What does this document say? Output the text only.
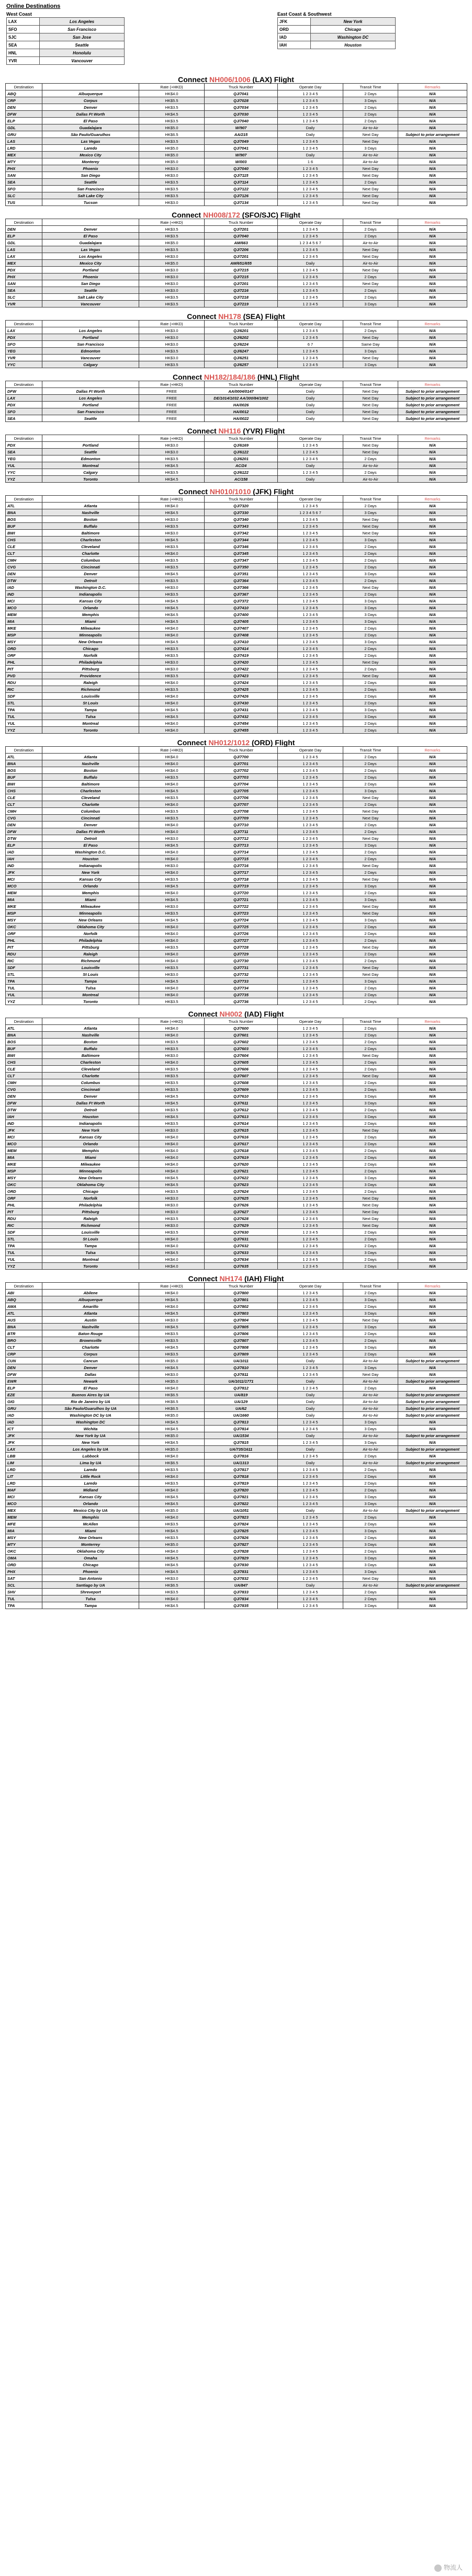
Online Destinations
West Coast
LAX	Los Angeles
SFO	San Francisco
SJC	San Jose
SEA	Seattle
HNL	Honolulu
YVR	Vancouver
East Coast & Southwest
JFK	New York
ORD	Chicago
IAD	Washington DC
IAH	Houston
Connect NH006/1006 (LAX) Flight
Destination		Rate (+HKD)	Truck Number	Operate Day	Transit Time	Remarks
ABQ	Albuquerque	HK$4.0	QJ/7041	1 2 3 4 5	2 Days	N/A
CRP	Corpus	HK$5.5	QJ/7028	1 2 3 4 5	3 Days	N/A
DEN	Denver	HK$3.5	QJ/7034	1 2 3 4 5	2 Days	N/A
DFW	Dallas Ft Worth	HK$4.5	QJ/7030	1 2 3 4 5	2 Days	N/A
ELP	El Paso	HK$3.5	QJ/7040	1 2 3 4 5	2 Days	N/A
GDL	Guadalajara	HK$5.0	W/907	Daily	Air-to-Air	N/A
GRU	São Paulo/Guarulhos	HK$6.5	AA/215	Daily	Next Day	Subject to prior arrangement
LAS	Las Vegas	HK$3.5	QJ/7049	1 2 3 4 5	Next Day	N/A
LRD	Laredo	HK$5.0	QJ/7041	1 2 3 4 5	3 Days	N/A
MEX	Mexico City	HK$5.0	W/907	Daily	Air-to-Air	N/A
MTY	Monterey	HK$5.0	W/003	1 6	Air-to-Air	N/A
PHX	Phoenix	HK$3.0	QJ/7040	1 2 3 4 5	Next Day	N/A
SAN	San Diego	HK$3.0	QJ/7115	1 2 3 4 5	Next Day	N/A
SEA	Seattle	HK$3.5	QJ/7114	1 2 3 4 5	2 Days	N/A
SFO	San Francisco	HK$3.5	QJ/7122	1 2 3 4 5	Next Day	N/A
SLC	Salt Lake City	HK$3.5	QJ/7126	1 2 3 4 5	Next Day	N/A
TUS	Tucson	HK$3.0	QJ/7134	1 2 3 4 5	Next Day	N/A
Connect NH008/172 (SFO/SJC) Flight
Destination		Rate (+HKD)	Truck Number	Operate Day	Transit Time	Remarks
DEN	Denver	HK$3.5	QJ/7201	1 2 3 4 5	2 Days	N/A
ELP	El Paso	HK$3.5	QJ/7040	1 2 3 4 5	2 Days	N/A
GDL	Guadalajara	HK$5.0	AM/663	1 2 3 4 5 6 7	Air-to-Air	N/A
LAS	Las Vegas	HK$3.5	QJ/7206	1 2 3 4 5	Next Day	N/A
LAX	Los Angeles	HK$3.0	QJ/7201	1 2 3 4 5	Next Day	N/A
MEX	Mexico City	HK$5.0	AM/651/655	Daily	Air-to-Air	N/A
PDX	Portland	HK$3.0	QJ/7215	1 2 3 4 5	Next Day	N/A
PHX	Phoenix	HK$3.0	QJ/7215	1 2 3 4 5	2 Days	N/A
SAN	San Diego	HK$3.0	QJ/7201	1 2 3 4 5	Next Day	N/A
SEA	Seattle	HK$3.0	QJ/7216	1 2 3 4 5	2 Days	N/A
SLC	Salt Lake City	HK$3.5	QJ/7218	1 2 3 4 5	2 Days	N/A
YVR	Vancouver	HK$3.5	QJ/7219	1 2 3 4 5	3 Days	N/A
Connect NH178 (SEA) Flight
Destination		Rate (+HKD)	Truck Number	Operate Day	Transit Time	Remarks
LAX	Los Angeles	HK$3.0	QJ/6201	1 2 3 4 5	2 Days	N/A
PDX	Portland	HK$3.0	QJ/6202	1 2 3 4 5	Next Day	N/A
SFO	San Francisco	HK$3.0	QJ/6224	6 7	Same Day	N/A
YEG	Edmonton	HK$3.5	QJ/6247	1 2 3 4 5	3 Days	N/A
YVR	Vancouver	HK$3.0	QJ/6251	1 2 3 4 5	Next Day	N/A
YYC	Calgary	HK$3.5	QJ/6257	1 2 3 4 5	3 Days	N/A
Connect NH182/184/186 (HNL) Flight
Destination		Rate (+HKD)	Truck Number	Operate Day	Transit Time	Remarks
DFW	Dallas Ft Worth	FREE	AA/0004/0147	Daily	Next Day	Subject to prior arrangement
LAX	Los Angeles	FREE	DE/1014/1032 AA/300/84/1002	Daily	Next Day	Subject to prior arrangement
PDX	Portland	FREE	HA/0026	Daily	Next Day	Subject to prior arrangement
SFO	San Francisco	FREE	HA/0012	Daily	Next Day	Subject to prior arrangement
SEA	Seattle	FREE	HA/0022	Daily	Next Day	Subject to prior arrangement
Connect NH116 (YVR) Flight
Destination		Rate (+HKD)	Truck Number	Operate Day	Transit Time	Remarks
PDX	Portland	HK$3.0	QJ/6169	1 2 3 4 5	Next Day	N/A
SEA	Seattle	HK$3.0	QJ/6122	1 2 3 4 5	Next Day	N/A
YEG	Edmonton	HK$3.5	QJ/6201	1 2 3 4 5	2 Days	N/A
YUL	Montreal	HK$4.5	AC/24	Daily	Air-to-Air	N/A
YYC	Calgary	HK$3.5	QJ/6122	1 2 3 4 5	2 Days	N/A
YYZ	Toronto	HK$4.5	AC/158	Daily	Air-to-Air	N/A
Connect NH010/1010 (JFK) Flight
Destination		Rate (+HKD)	Truck Number	Operate Day	Transit Time	Remarks
ATL	Atlanta	HK$4.0	QJ/7320	1 2 3 4 5	2 Days	N/A
BNA	Nashville	HK$4.5	QJ/7330	1 2 3 4 5 6 7	3 Days	N/A
BOS	Boston	HK$3.0	QJ/7340	1 2 3 4 5	Next Day	N/A
BUF	Buffalo	HK$3.5	QJ/7343	1 2 3 4 5	Next Day	N/A
BWI	Baltimore	HK$3.0	QJ/7342	1 2 3 4 5	Next Day	N/A
CHS	Charleston	HK$4.5	QJ/7344	1 2 3 4 5	3 Days	N/A
CLE	Cleveland	HK$3.5	QJ/7346	1 2 3 4 5	2 Days	N/A
CLT	Charlotte	HK$4.0	QJ/7345	1 2 3 4 5	2 Days	N/A
CMH	Columbus	HK$3.5	QJ/7347	1 2 3 4 5	2 Days	N/A
CVG	Cincinnati	HK$3.5	QJ/7350	1 2 3 4 5	2 Days	N/A
DEN	Denver	HK$4.5	QJ/7351	1 2 3 4 5	3 Days	N/A
DTW	Detroit	HK$3.5	QJ/7364	1 2 3 4 5	2 Days	N/A
IAD	Washington D.C.	HK$3.0	QJ/7366	1 2 3 4 5	Next Day	N/A
IND	Indianapolis	HK$3.5	QJ/7367	1 2 3 4 5	2 Days	N/A
MCI	Kansas City	HK$4.5	QJ/7372	1 2 3 4 5	3 Days	N/A
MCO	Orlando	HK$4.5	QJ/7410	1 2 3 4 5	3 Days	N/A
MEM	Memphis	HK$4.5	QJ/7400	1 2 3 4 5	3 Days	N/A
MIA	Miami	HK$4.5	QJ/7405	1 2 3 4 5	3 Days	N/A
MKE	Milwaukee	HK$4.0	QJ/7407	1 2 3 4 5	2 Days	N/A
MSP	Minneapolis	HK$4.0	QJ/7408	1 2 3 4 5	2 Days	N/A
MSY	New Orleans	HK$4.5	QJ/7410	1 2 3 4 5	3 Days	N/A
ORD	Chicago	HK$3.5	QJ/7414	1 2 3 4 5	2 Days	N/A
ORF	Norfolk	HK$3.5	QJ/7419	1 2 3 4 5	2 Days	N/A
PHL	Philadelphia	HK$3.0	QJ/7420	1 2 3 4 5	Next Day	N/A
PIT	Pittsburg	HK$3.0	QJ/7422	1 2 3 4 5	2 Days	N/A
PVD	Providence	HK$3.5	QJ/7423	1 2 3 4 5	Next Day	N/A
RDU	Raleigh	HK$4.0	QJ/7424	1 2 3 4 5	2 Days	N/A
RIC	Richmond	HK$3.5	QJ/7425	1 2 3 4 5	2 Days	N/A
SDF	Louisville	HK$4.0	QJ/7426	1 2 3 4 5	2 Days	N/A
STL	St Louis	HK$4.0	QJ/7430	1 2 3 4 5	2 Days	N/A
TPA	Tampa	HK$4.5	QJ/7431	1 2 3 4 5	3 Days	N/A
TUL	Tulsa	HK$4.5	QJ/7432	1 2 3 4 5	3 Days	N/A
YUL	Montreal	HK$4.0	QJ/7454	1 2 3 4 5	2 Days	N/A
YYZ	Toronto	HK$4.0	QJ/7455	1 2 3 4 5	2 Days	N/A
Connect NH012/1012 (ORD) Flight
Destination		Rate (+HKD)	Truck Number	Operate Day	Transit Time	Remarks
ATL	Atlanta	HK$4.0	QJ/7700	1 2 3 4 5	2 Days	N/A
BNA	Nashville	HK$4.0	QJ/7701	1 2 3 4 5	2 Days	N/A
BOS	Boston	HK$4.0	QJ/7702	1 2 3 4 5	2 Days	N/A
BUF	Buffalo	HK$3.5	QJ/7703	1 2 3 4 5	2 Days	N/A
BWI	Baltimore	HK$4.0	QJ/7704	1 2 3 4 5	2 Days	N/A
CHS	Charleston	HK$4.5	QJ/7705	1 2 3 4 5	3 Days	N/A
CLE	Cleveland	HK$3.5	QJ/7706	1 2 3 4 5	Next Day	N/A
CLT	Charlotte	HK$4.0	QJ/7707	1 2 3 4 5	2 Days	N/A
CMH	Columbus	HK$3.5	QJ/7708	1 2 3 4 5	Next Day	N/A
CVG	Cincinnati	HK$3.5	QJ/7709	1 2 3 4 5	Next Day	N/A
DEN	Denver	HK$4.0	QJ/7710	1 2 3 4 5	2 Days	N/A
DFW	Dallas Ft Worth	HK$4.0	QJ/7711	1 2 3 4 5	2 Days	N/A
DTW	Detroit	HK$3.0	QJ/7712	1 2 3 4 5	Next Day	N/A
ELP	El Paso	HK$4.5	QJ/7713	1 2 3 4 5	3 Days	N/A
IAD	Washington D.C.	HK$4.0	QJ/7714	1 2 3 4 5	2 Days	N/A
IAH	Houston	HK$4.0	QJ/7715	1 2 3 4 5	2 Days	N/A
IND	Indianapolis	HK$3.0	QJ/7716	1 2 3 4 5	Next Day	N/A
JFK	New York	HK$4.0	QJ/7717	1 2 3 4 5	2 Days	N/A
MCI	Kansas City	HK$3.5	QJ/7718	1 2 3 4 5	Next Day	N/A
MCO	Orlando	HK$4.5	QJ/7719	1 2 3 4 5	3 Days	N/A
MEM	Memphis	HK$4.0	QJ/7720	1 2 3 4 5	2 Days	N/A
MIA	Miami	HK$4.5	QJ/7721	1 2 3 4 5	3 Days	N/A
MKE	Milwaukee	HK$3.0	QJ/7722	1 2 3 4 5	Next Day	N/A
MSP	Minneapolis	HK$3.5	QJ/7723	1 2 3 4 5	Next Day	N/A
MSY	New Orleans	HK$4.5	QJ/7724	1 2 3 4 5	3 Days	N/A
OKC	Oklahoma City	HK$4.0	QJ/7725	1 2 3 4 5	2 Days	N/A
ORF	Norfolk	HK$4.0	QJ/7726	1 2 3 4 5	2 Days	N/A
PHL	Philadelphia	HK$4.0	QJ/7727	1 2 3 4 5	2 Days	N/A
PIT	Pittsburg	HK$3.5	QJ/7728	1 2 3 4 5	Next Day	N/A
RDU	Raleigh	HK$4.0	QJ/7729	1 2 3 4 5	2 Days	N/A
RIC	Richmond	HK$4.0	QJ/7730	1 2 3 4 5	2 Days	N/A
SDF	Louisville	HK$3.5	QJ/7731	1 2 3 4 5	Next Day	N/A
STL	St Louis	HK$3.0	QJ/7732	1 2 3 4 5	Next Day	N/A
TPA	Tampa	HK$4.5	QJ/7733	1 2 3 4 5	3 Days	N/A
TUL	Tulsa	HK$4.0	QJ/7734	1 2 3 4 5	2 Days	N/A
YUL	Montreal	HK$4.0	QJ/7735	1 2 3 4 5	2 Days	N/A
YYZ	Toronto	HK$3.5	QJ/7736	1 2 3 4 5	2 Days	N/A
Connect NH002 (IAD) Flight
Destination		Rate (+HKD)	Truck Number	Operate Day	Transit Time	Remarks
ATL	Atlanta	HK$4.0	QJ/7600	1 2 3 4 5	2 Days	N/A
BNA	Nashville	HK$4.0	QJ/7601	1 2 3 4 5	2 Days	N/A
BOS	Boston	HK$3.5	QJ/7602	1 2 3 4 5	2 Days	N/A
BUF	Buffalo	HK$3.5	QJ/7603	1 2 3 4 5	2 Days	N/A
BWI	Baltimore	HK$3.0	QJ/7604	1 2 3 4 5	Next Day	N/A
CHS	Charleston	HK$4.0	QJ/7605	1 2 3 4 5	2 Days	N/A
CLE	Cleveland	HK$3.5	QJ/7606	1 2 3 4 5	2 Days	N/A
CLT	Charlotte	HK$3.5	QJ/7607	1 2 3 4 5	Next Day	N/A
CMH	Columbus	HK$3.5	QJ/7608	1 2 3 4 5	2 Days	N/A
CVG	Cincinnati	HK$3.5	QJ/7609	1 2 3 4 5	2 Days	N/A
DEN	Denver	HK$4.5	QJ/7610	1 2 3 4 5	3 Days	N/A
DFW	Dallas Ft Worth	HK$4.5	QJ/7611	1 2 3 4 5	3 Days	N/A
DTW	Detroit	HK$3.5	QJ/7612	1 2 3 4 5	2 Days	N/A
IAH	Houston	HK$4.5	QJ/7613	1 2 3 4 5	3 Days	N/A
IND	Indianapolis	HK$3.5	QJ/7614	1 2 3 4 5	2 Days	N/A
JFK	New York	HK$3.0	QJ/7615	1 2 3 4 5	Next Day	N/A
MCI	Kansas City	HK$4.0	QJ/7616	1 2 3 4 5	2 Days	N/A
MCO	Orlando	HK$4.0	QJ/7617	1 2 3 4 5	2 Days	N/A
MEM	Memphis	HK$4.0	QJ/7618	1 2 3 4 5	2 Days	N/A
MIA	Miami	HK$4.0	QJ/7619	1 2 3 4 5	2 Days	N/A
MKE	Milwaukee	HK$4.0	QJ/7620	1 2 3 4 5	2 Days	N/A
MSP	Minneapolis	HK$4.0	QJ/7621	1 2 3 4 5	2 Days	N/A
MSY	New Orleans	HK$4.5	QJ/7622	1 2 3 4 5	3 Days	N/A
OKC	Oklahoma City	HK$4.5	QJ/7623	1 2 3 4 5	3 Days	N/A
ORD	Chicago	HK$3.5	QJ/7624	1 2 3 4 5	2 Days	N/A
ORF	Norfolk	HK$3.0	QJ/7625	1 2 3 4 5	Next Day	N/A
PHL	Philadelphia	HK$3.0	QJ/7626	1 2 3 4 5	Next Day	N/A
PIT	Pittsburg	HK$3.0	QJ/7627	1 2 3 4 5	Next Day	N/A
RDU	Raleigh	HK$3.5	QJ/7628	1 2 3 4 5	Next Day	N/A
RIC	Richmond	HK$3.0	QJ/7629	1 2 3 4 5	Next Day	N/A
SDF	Louisville	HK$3.5	QJ/7630	1 2 3 4 5	2 Days	N/A
STL	St Louis	HK$4.0	QJ/7631	1 2 3 4 5	2 Days	N/A
TPA	Tampa	HK$4.0	QJ/7632	1 2 3 4 5	2 Days	N/A
TUL	Tulsa	HK$4.5	QJ/7633	1 2 3 4 5	3 Days	N/A
YUL	Montreal	HK$4.0	QJ/7634	1 2 3 4 5	2 Days	N/A
YYZ	Toronto	HK$4.0	QJ/7635	1 2 3 4 5	2 Days	N/A
Connect NH174 (IAH) Flight
Destination		Rate (+HKD)	Truck Number	Operate Day	Transit Time	Remarks
ABI	Abilene	HK$4.0	QJ/7800	1 2 3 4 5	2 Days	N/A
ABQ	Albuquerque	HK$4.5	QJ/7801	1 2 3 4 5	3 Days	N/A
AMA	Amarillo	HK$4.0	QJ/7802	1 2 3 4 5	2 Days	N/A
ATL	Atlanta	HK$4.5	QJ/7803	1 2 3 4 5	3 Days	N/A
AUS	Austin	HK$3.0	QJ/7804	1 2 3 4 5	Next Day	N/A
BNA	Nashville	HK$4.5	QJ/7805	1 2 3 4 5	3 Days	N/A
BTR	Baton Rouge	HK$3.5	QJ/7806	1 2 3 4 5	2 Days	N/A
BRO	Brownsville	HK$3.5	QJ/7807	1 2 3 4 5	2 Days	N/A
CLT	Charlotte	HK$4.5	QJ/7808	1 2 3 4 5	3 Days	N/A
CRP	Corpus	HK$3.5	QJ/7809	1 2 3 4 5	2 Days	N/A
CUN	Cancun	HK$5.0	UA/1011	Daily	Air-to-Air	Subject to prior arrangement
DEN	Denver	HK$4.5	QJ/7810	1 2 3 4 5	3 Days	N/A
DFW	Dallas	HK$3.0	QJ/7811	1 2 3 4 5	Next Day	N/A
EWR	Newark	HK$5.0	UA/1011/1771	Daily	Air-to-Air	Subject to prior arrangement
ELP	El Paso	HK$4.0	QJ/7812	1 2 3 4 5	2 Days	N/A
EZE	Buenos Aires by UA	HK$6.5	UA/819	Daily	Air-to-Air	Subject to prior arrangement
GIG	Rio de Janeiro by UA	HK$6.5	UA/129	Daily	Air-to-Air	Subject to prior arrangement
GRU	São Paulo/Guarulhos by UA	HK$6.5	UA/62	Daily	Air-to-Air	Subject to prior arrangement
IAD	Washington DC by UA	HK$5.0	UA/1660	Daily	Air-to-Air	Subject to prior arrangement
IAD	Washington DC	HK$4.5	QJ/7813	1 2 3 4 5	3 Days	N/A
ICT	Wichita	HK$4.5	QJ/7814	1 2 3 4 5	3 Days	N/A
JFK	New York by UA	HK$5.0	UA/1534	Daily	Air-to-Air	Subject to prior arrangement
JFK	New York	HK$4.5	QJ/7815	1 2 3 4 5	3 Days	N/A
LAX	Los Angeles by UA	HK$5.0	UA/735/1611	Daily	Air-to-Air	Subject to prior arrangement
LBB	Lubbock	HK$4.0	QJ/7816	1 2 3 4 5	2 Days	N/A
LIM	Lima by UA	HK$6.5	UA/1313	Daily	Air-to-Air	Subject to prior arrangement
LRD	Laredo	HK$3.5	QJ/7817	1 2 3 4 5	2 Days	N/A
LIT	Little Rock	HK$4.0	QJ/7818	1 2 3 4 5	2 Days	N/A
LRD	Laredo	HK$3.5	QJ/7819	1 2 3 4 5	2 Days	N/A
MAF	Midland	HK$4.0	QJ/7820	1 2 3 4 5	2 Days	N/A
MCI	Kansas City	HK$4.5	QJ/7821	1 2 3 4 5	3 Days	N/A
MCO	Orlando	HK$4.5	QJ/7822	1 2 3 4 5	3 Days	N/A
MEX	Mexico City by UA	HK$5.0	UA/1051	Daily	Air-to-Air	Subject to prior arrangement
MEM	Memphis	HK$4.0	QJ/7823	1 2 3 4 5	2 Days	N/A
MFE	McAllen	HK$3.5	QJ/7824	1 2 3 4 5	2 Days	N/A
MIA	Miami	HK$4.5	QJ/7825	1 2 3 4 5	3 Days	N/A
MSY	New Orleans	HK$3.5	QJ/7826	1 2 3 4 5	2 Days	N/A
MTY	Monterrey	HK$5.0	QJ/7827	1 2 3 4 5	3 Days	N/A
OKC	Oklahoma City	HK$4.0	QJ/7828	1 2 3 4 5	2 Days	N/A
OMA	Omaha	HK$4.5	QJ/7829	1 2 3 4 5	3 Days	N/A
ORD	Chicago	HK$4.5	QJ/7830	1 2 3 4 5	3 Days	N/A
PHX	Phoenix	HK$4.5	QJ/7831	1 2 3 4 5	3 Days	N/A
SAT	San Antonio	HK$3.0	QJ/7832	1 2 3 4 5	Next Day	N/A
SCL	Santiago by UA	HK$6.5	UA/847	Daily	Air-to-Air	Subject to prior arrangement
SHV	Shreveport	HK$3.5	QJ/7833	1 2 3 4 5	2 Days	N/A
TUL	Tulsa	HK$4.0	QJ/7834	1 2 3 4 5	2 Days	N/A
TPA	Tampa	HK$4.5	QJ/7835	1 2 3 4 5	3 Days	N/A
物流人
